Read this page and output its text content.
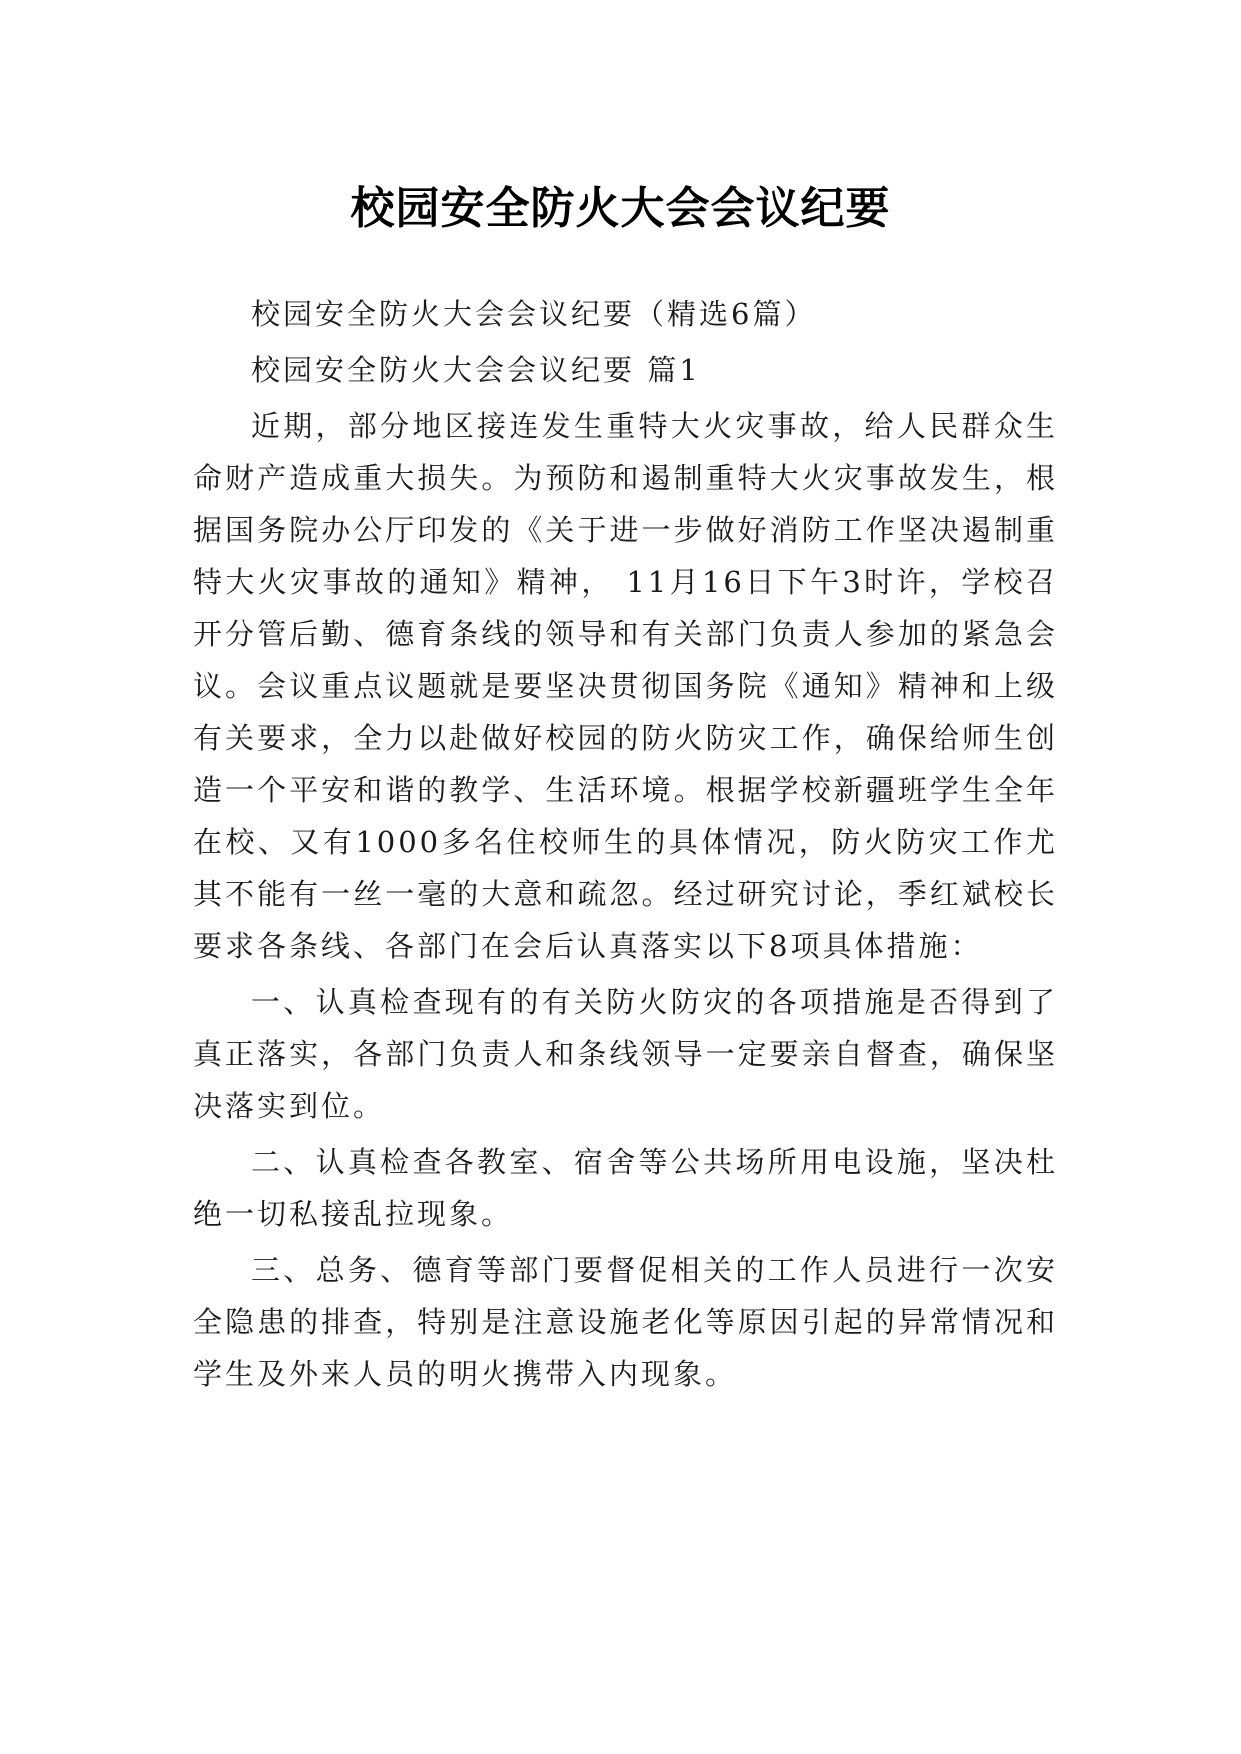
校园安全防火大会会议纪要

校园安全防火大会会议纪要（精选6篇）

校园安全防火大会会议纪要 篇1

近期，部分地区接连发生重特大火灾事故，给人民群众生命财产造成重大损失。为预防和遏制重特大火灾事故发生，根据国务院办公厅印发的《关于进一步做好消防工作坚决遏制重特大火灾事故的通知》精神， 11月16日下午3时许，学校召开分管后勤、德育条线的领导和有关部门负责人参加的紧急会议。会议重点议题就是要坚决贯彻国务院《通知》精神和上级有关要求，全力以赴做好校园的防火防灾工作，确保给师生创造一个平安和谐的教学、生活环境。根据学校新疆班学生全年在校、又有1000多名住校师生的具体情况，防火防灾工作尤其不能有一丝一毫的大意和疏忽。经过研究讨论，季红斌校长要求各条线、各部门在会后认真落实以下8项具体措施：

一、认真检查现有的有关防火防灾的各项措施是否得到了真正落实，各部门负责人和条线领导一定要亲自督查，确保坚决落实到位。

二、认真检查各教室、宿舍等公共场所用电设施，坚决杜绝一切私接乱拉现象。

三、总务、德育等部门要督促相关的工作人员进行一次安全隐患的排查，特别是注意设施老化等原因引起的异常情况和学生及外来人员的明火携带入内现象。
